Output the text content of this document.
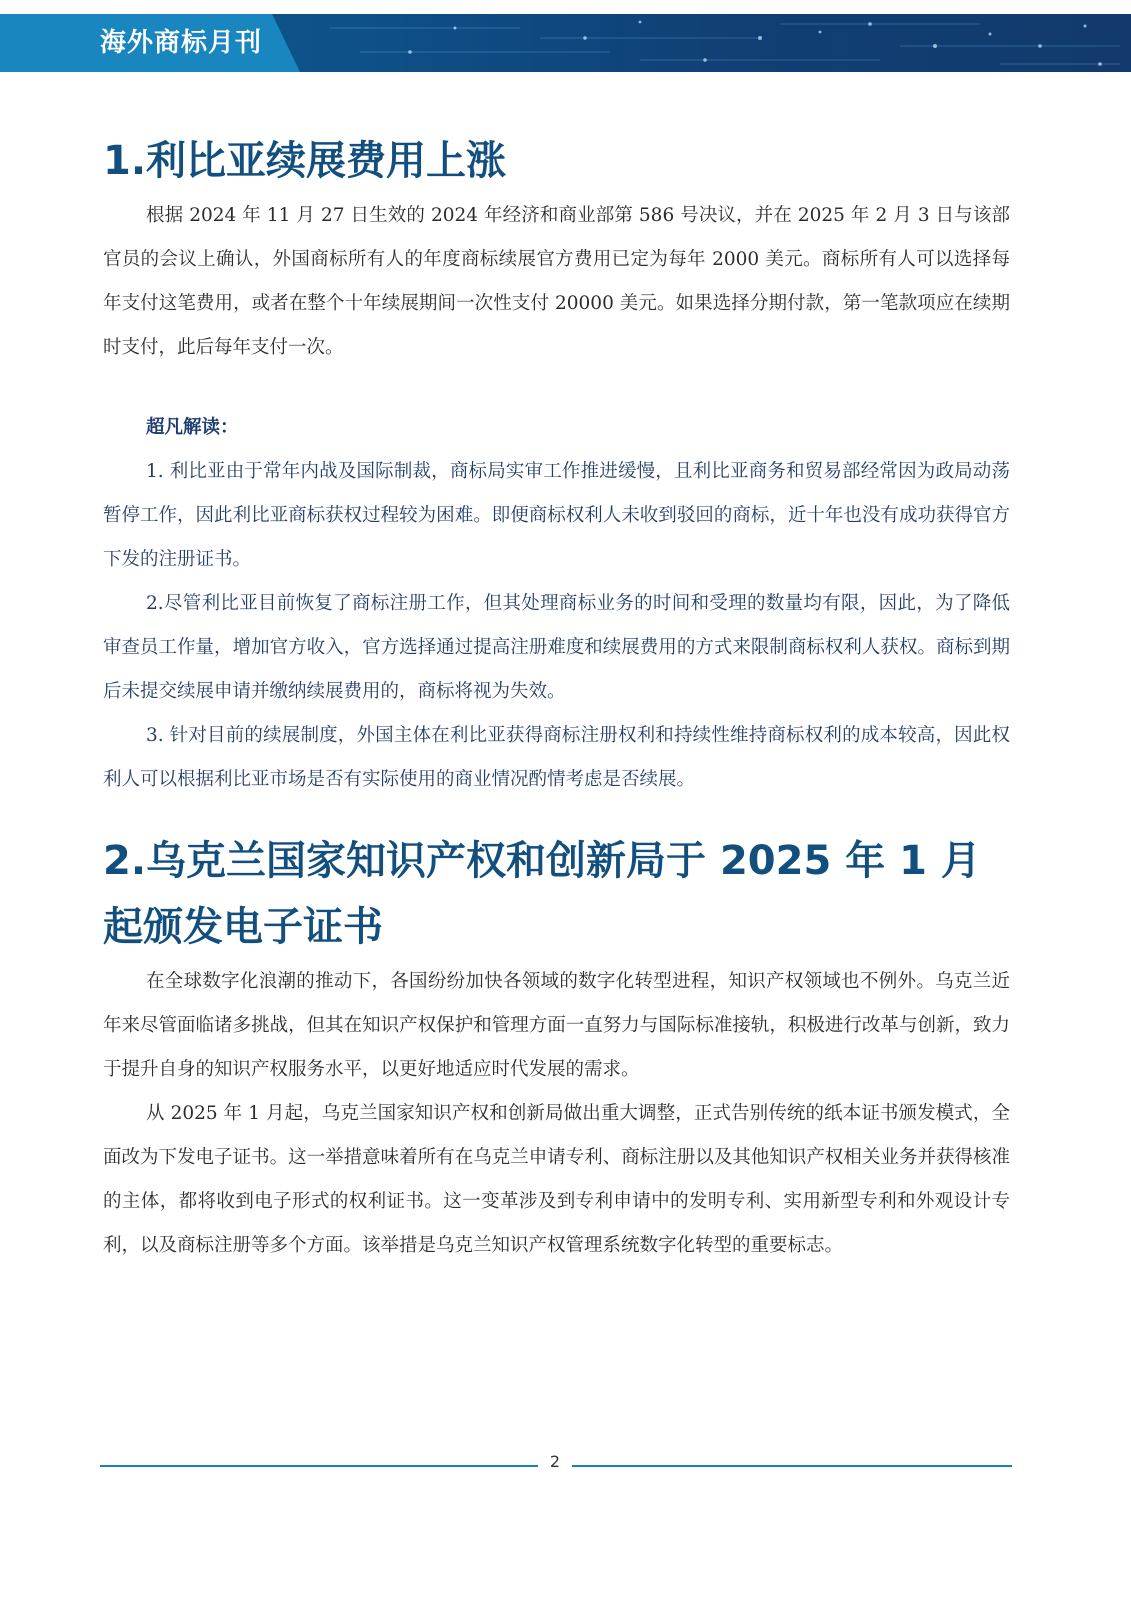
海外商标月刊
1.利比亚续展费用上涨

根据 2024 年 11 月 27 日生效的 2024 年经济和商业部第 586 号决议，并在 2025 年 2 月 3 日与该部官员的会议上确认，外国商标所有人的年度商标续展官方费用已定为每年 2000 美元。商标所有人可以选择每年支付这笔费用，或者在整个十年续展期间一次性支付 20000 美元。如果选择分期付款，第一笔款项应在续期时支付，此后每年支付一次。

超凡解读：

1. 利比亚由于常年内战及国际制裁，商标局实审工作推进缓慢，且利比亚商务和贸易部经常因为政局动荡暂停工作，因此利比亚商标获权过程较为困难。即便商标权利人未收到驳回的商标，近十年也没有成功获得官方下发的注册证书。

2.尽管利比亚目前恢复了商标注册工作，但其处理商标业务的时间和受理的数量均有限，因此，为了降低审查员工作量，增加官方收入，官方选择通过提高注册难度和续展费用的方式来限制商标权利人获权。商标到期后未提交续展申请并缴纳续展费用的，商标将视为失效。

3. 针对目前的续展制度，外国主体在利比亚获得商标注册权利和持续性维持商标权利的成本较高，因此权利人可以根据利比亚市场是否有实际使用的商业情况酌情考虑是否续展。

2.乌克兰国家知识产权和创新局于 2025 年 1 月起颁发电子证书

在全球数字化浪潮的推动下，各国纷纷加快各领域的数字化转型进程，知识产权领域也不例外。乌克兰近年来尽管面临诸多挑战，但其在知识产权保护和管理方面一直努力与国际标准接轨，积极进行改革与创新，致力于提升自身的知识产权服务水平，以更好地适应时代发展的需求。

从 2025 年 1 月起，乌克兰国家知识产权和创新局做出重大调整，正式告别传统的纸本证书颁发模式，全面改为下发电子证书。这一举措意味着所有在乌克兰申请专利、商标注册以及其他知识产权相关业务并获得核准的主体，都将收到电子形式的权利证书。这一变革涉及到专利申请中的发明专利、实用新型专利和外观设计专利，以及商标注册等多个方面。该举措是乌克兰知识产权管理系统数字化转型的重要标志。

2
